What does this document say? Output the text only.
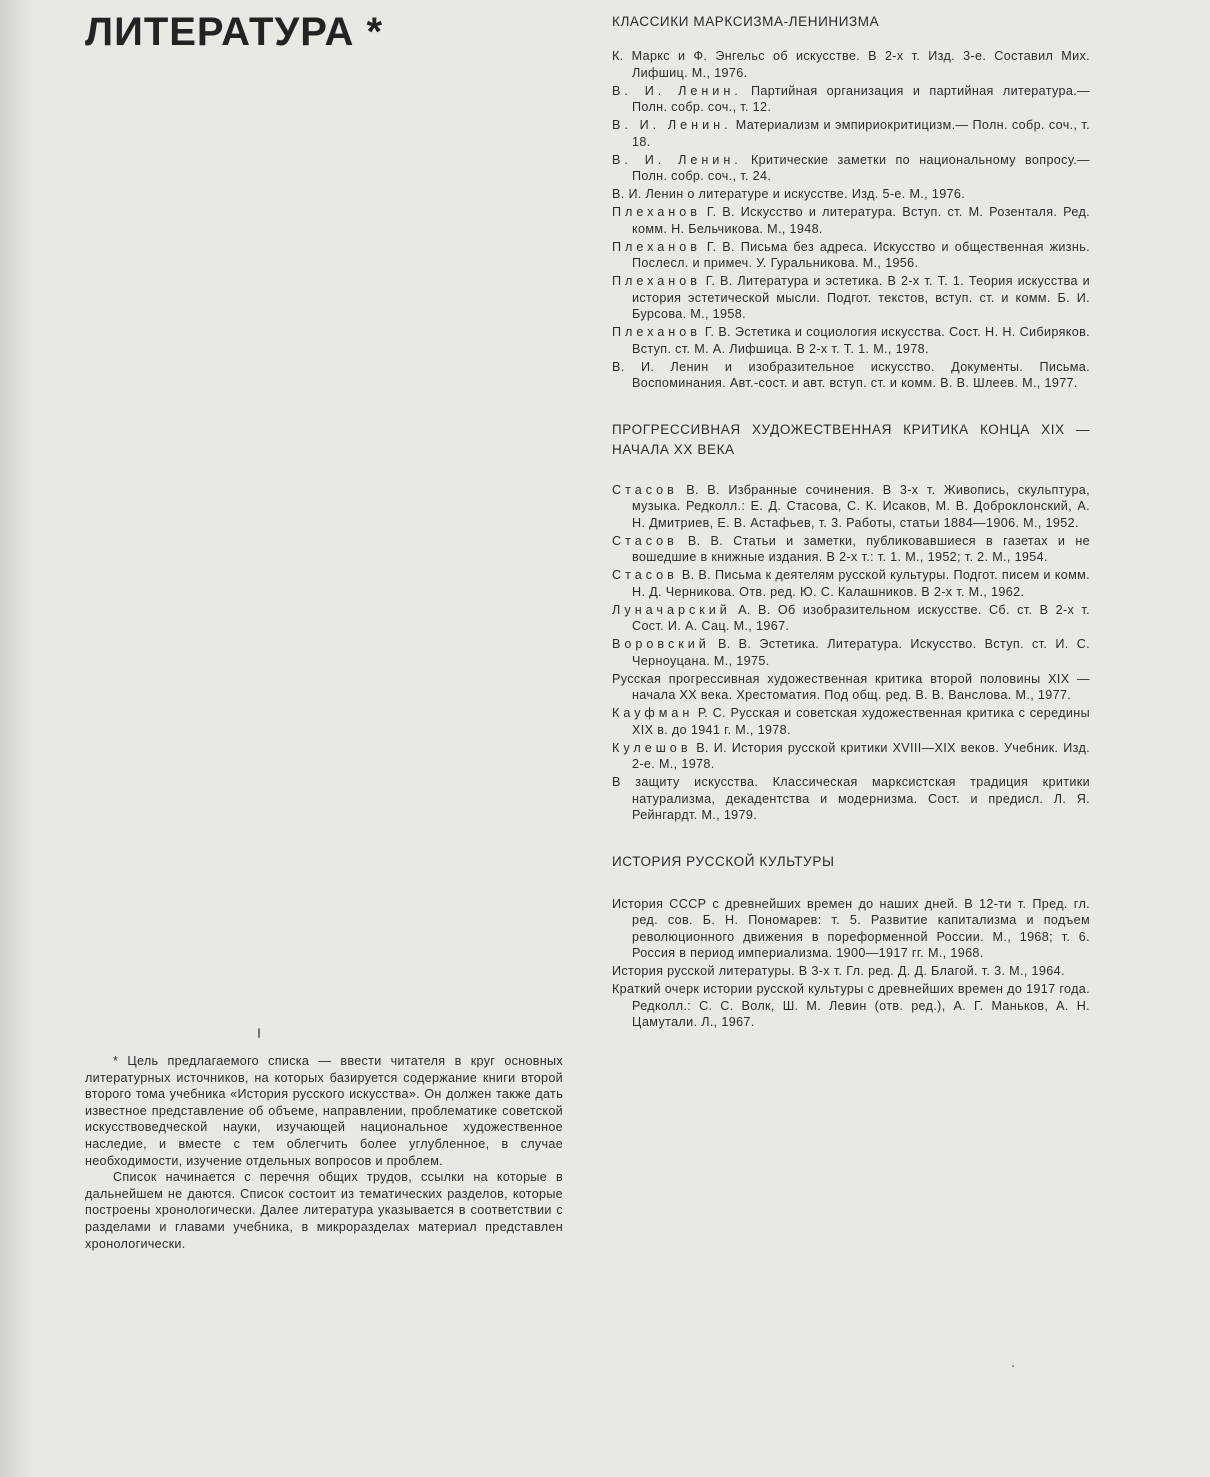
ЛИТЕРАТУРА *	КЛАССИКИ МАРКСИЗМА-ЛЕНИНИЗМА
К. Маркс и Ф. Энгельс об искусстве. В 2-х т. Изд. 3-е. Составил Мих. Лифшиц. М., 1976.
В. И. Ленин. Партийная организация и партийная литература.— Полн. собр. соч., т. 12.
В. И. Ленин. Материализм и эмпириокритицизм.— Полн. собр. соч., т. 18.
В. И. Ленин. Критические заметки по национальному вопросу.— Полн. собр. соч., т. 24.
В. И. Ленин о литературе и искусстве. Изд. 5-е. М., 1976.
Плеханов Г. В. Искусство и литература. Вступ. ст. М. Розенталя. Ред. комм. Н. Бельчикова. М., 1948.
Плеханов Г. В. Письма без адреса. Искусство и общественная жизнь. Послесл. и примеч. У. Гуральникова. М., 1956.
Плеханов Г. В. Литература и эстетика. В 2-х т. Т. 1. Теория искусства и история эстетической мысли. Подгот. текстов, вступ. ст. и комм. Б. И. Бурсова. М., 1958.
Плеханов Г. В. Эстетика и социология искусства. Сост. Н. Н. Сибиряков. Вступ. ст. М. А. Лифшица. В 2-х т. Т. 1. М., 1978.
В. И. Ленин и изобразительное искусство. Документы. Письма. Воспоминания. Авт.-сост. и авт. вступ. ст. и комм. В. В. Шлеев. М., 1977.
ПРОГРЕССИВНАЯ ХУДОЖЕСТВЕННАЯ КРИТИКА КОНЦА XIX — НАЧАЛА XX ВЕКА
Стасов В. В. Избранные сочинения. В 3-х т. Живопись, скульптура, музыка. Редколл.: Е. Д. Стасова, С. К. Исаков, М. В. Доброклонский, А. Н. Дмитриев, Е. В. Астафьев, т. 3. Работы, статьи 1884—1906. М., 1952.
Стасов В. В. Статьи и заметки, публиковавшиеся в газетах и не вошедшие в книжные издания. В 2-х т.: т. 1. М., 1952; т. 2. М., 1954.
Стасов В. В. Письма к деятелям русской культуры. Подгот. писем и комм. Н. Д. Черникова. Отв. ред. Ю. С. Калашников. В 2-х т. М., 1962.
Луначарский А. В. Об изобразительном искусстве. Сб. ст. В 2-х т. Сост. И. А. Сац. М., 1967.
Воровский В. В. Эстетика. Литература. Искусство. Вступ. ст. И. С. Черноуцана. М., 1975.
Русская прогрессивная художественная критика второй половины XIX — начала XX века. Хрестоматия. Под общ. ред. В. В. Ванслова. М., 1977.
Кауфман Р. С. Русская и советская художественная критика с середины XIX в. до 1941 г. М., 1978.
Кулешов В. И. История русской критики XVIII—XIX веков. Учебник. Изд. 2-е. М., 1978.
В защиту искусства. Классическая марксистская традиция критики натурализма, декадентства и модернизма. Сост. и предисл. Л. Я. Рейнгардт. М., 1979.
ИСТОРИЯ РУССКОЙ КУЛЬТУРЫ
История СССР с древнейших времен до наших дней. В 12-ти т. Пред. гл. ред. сов. Б. Н. Пономарев: т. 5. Развитие капитализма и подъем революционного движения в пореформенной России. М., 1968; т. 6. Россия в период империализма. 1900—1917 гг. М., 1968.
История русской литературы. В 3-х т. Гл. ред. Д. Д. Благой. т. 3. М., 1964.
Краткий очерк истории русской культуры с древнейших времен до 1917 года. Редколл.: С. С. Волк, Ш. М. Левин (отв. ред.), А. Г. Маньков, А. Н. Цамутали. Л., 1967.

* Цель предлагаемого списка — ввести читателя в круг основных литературных источников, на которых базируется содержание книги второй второго тома учебника «История русского искусства». Он должен также дать известное представление об объеме, направлении, проблематике советской искусствоведческой науки, изучающей национальное художественное наследие, и вместе с тем облегчить более углубленное, в случае необходимости, изучение отдельных вопросов и проблем.

Список начинается с перечня общих трудов, ссылки на которые в дальнейшем не даются. Список состоит из тематических разделов, которые построены хронологически. Далее литература указывается в соответствии с разделами и главами учебника, в микроразделах материал представлен хронологически.
